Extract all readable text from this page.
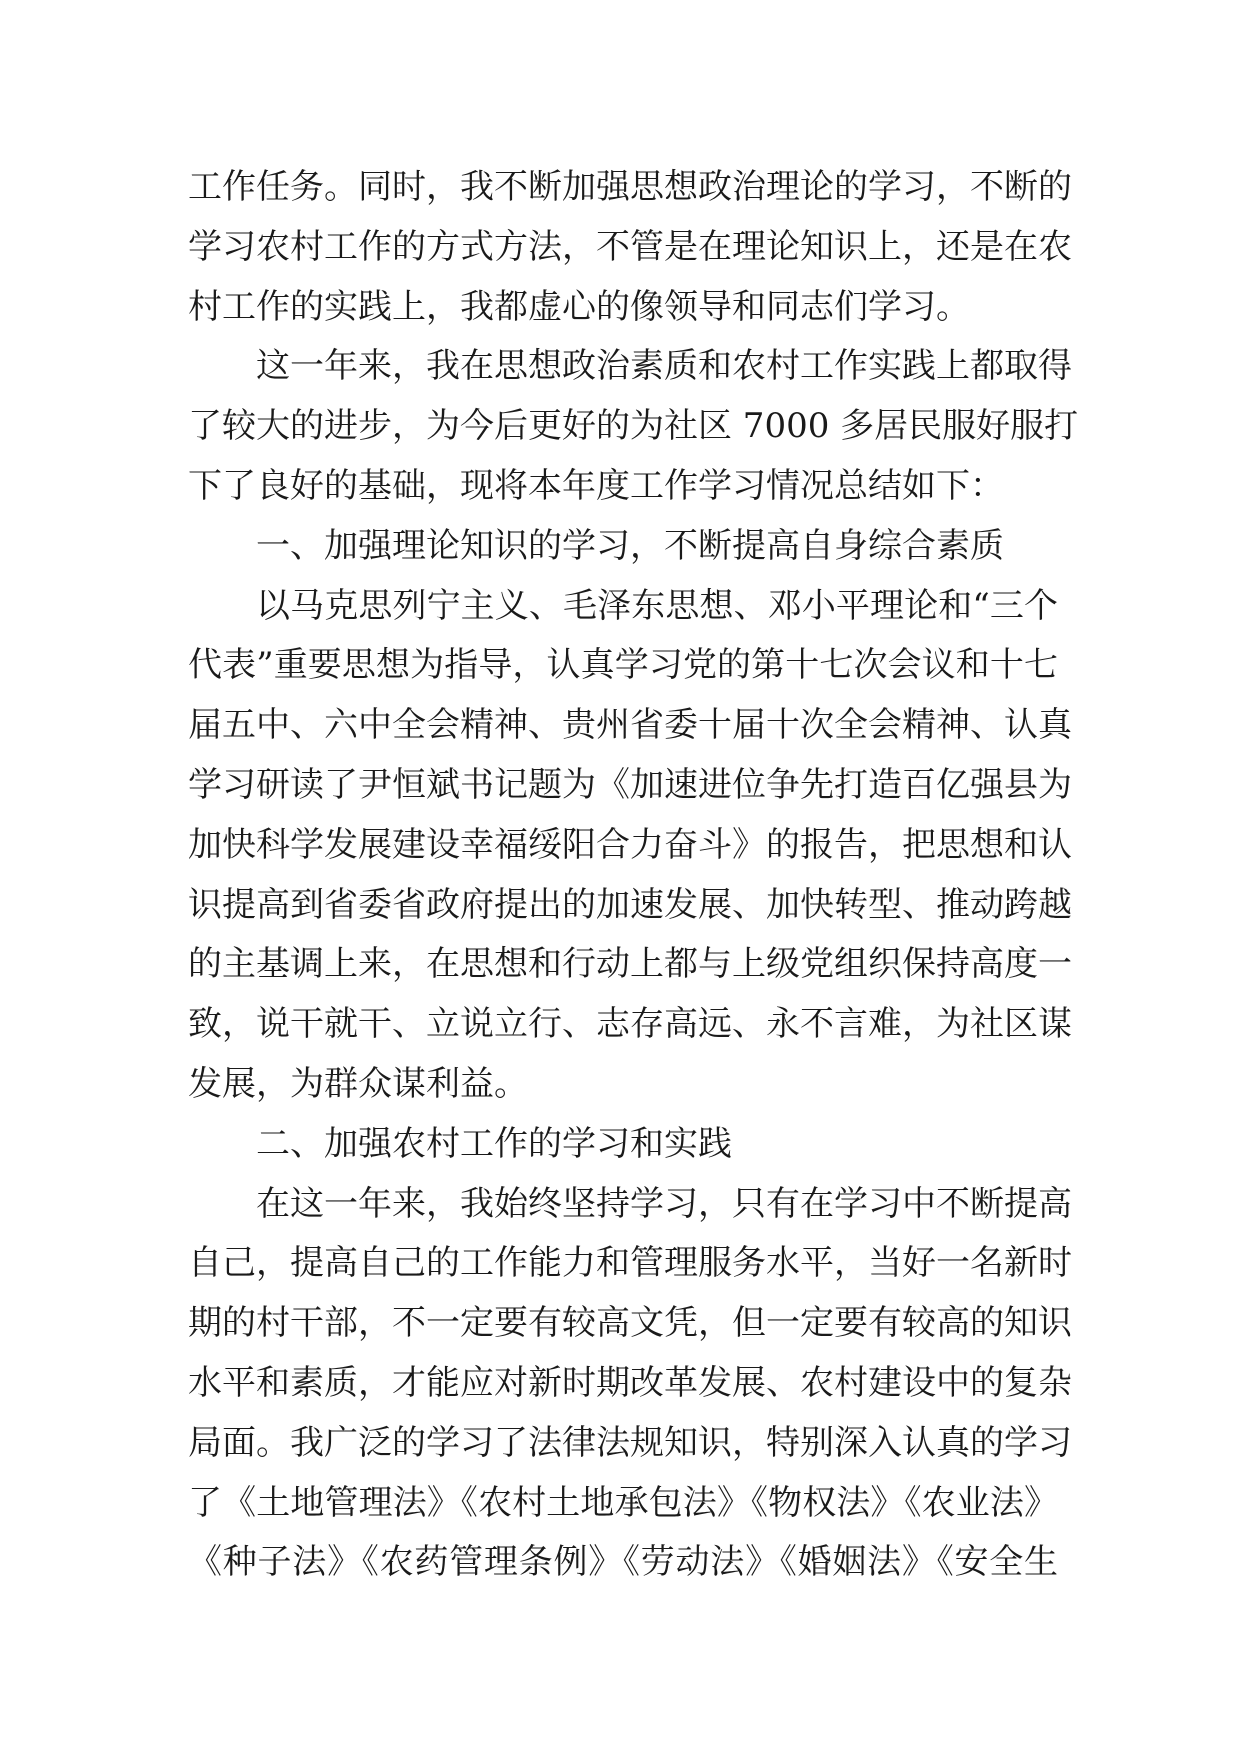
工作任务。同时，我不断加强思想政治理论的学习，不断的
学习农村工作的方式方法，不管是在理论知识上，还是在农
村工作的实践上，我都虚心的像领导和同志们学习。

这一年来，我在思想政治素质和农村工作实践上都取得
了较大的进步，为今后更好的为社区 7000 多居民服好服打
下了良好的基础，现将本年度工作学习情况总结如下：

一、加强理论知识的学习，不断提高自身综合素质

以马克思列宁主义、毛泽东思想、邓小平理论和“三个
代表”重要思想为指导，认真学习党的第十七次会议和十七
届五中、六中全会精神、贵州省委十届十次全会精神、认真
学习研读了尹恒斌书记题为《加速进位争先打造百亿强县为
加快科学发展建设幸福绥阳合力奋斗》的报告，把思想和认
识提高到省委省政府提出的加速发展、加快转型、推动跨越
的主基调上来，在思想和行动上都与上级党组织保持高度一
致，说干就干、立说立行、志存高远、永不言难，为社区谋
发展，为群众谋利益。

二、加强农村工作的学习和实践

在这一年来，我始终坚持学习，只有在学习中不断提高
自己，提高自己的工作能力和管理服务水平，当好一名新时
期的村干部，不一定要有较高文凭，但一定要有较高的知识
水平和素质，才能应对新时期改革发展、农村建设中的复杂
局面。我广泛的学习了法律法规知识，特别深入认真的学习
了《土地管理法》《农村土地承包法》《物权法》《农业法》
《种子法》《农药管理条例》《劳动法》《婚姻法》《安全生
